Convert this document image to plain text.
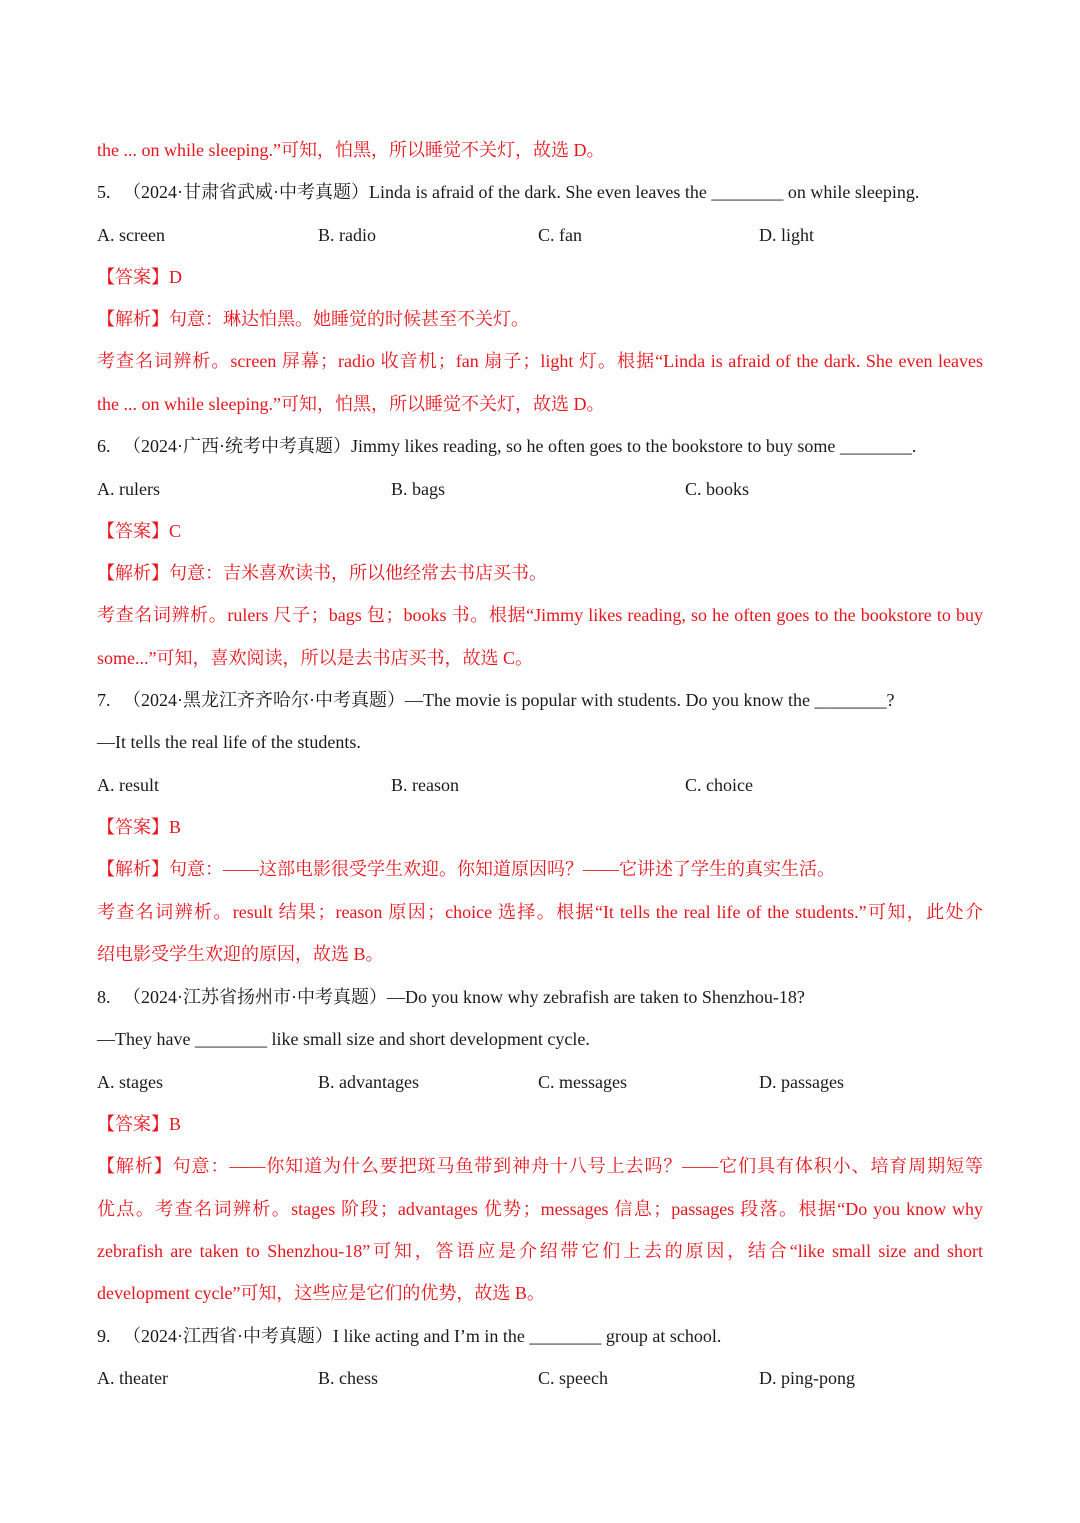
the ... on while sleeping.”可知，怕黑，所以睡觉不关灯，故选 D。
5. （2024·甘肃省武威·中考真题）Linda is afraid of the dark. She even leaves the ________ on while sleeping.
A. screen	B. radio	C. fan	D. light
【答案】D
【解析】句意：琳达怕黑。她睡觉的时候甚至不关灯。
考查名词辨析。screen 屏幕；radio 收音机；fan 扇子；light 灯。根据“Linda is afraid of the dark. She even leaves
the ... on while sleeping.”可知，怕黑，所以睡觉不关灯，故选 D。
6. （2024·广西·统考中考真题）Jimmy likes reading, so he often goes to the bookstore to buy some ________.
A. rulers	B. bags	C. books
【答案】C
【解析】句意：吉米喜欢读书，所以他经常去书店买书。
考查名词辨析。rulers 尺子；bags 包；books 书。根据“Jimmy likes reading, so he often goes to the bookstore to buy
some...”可知，喜欢阅读，所以是去书店买书，故选 C。
7. （2024·黑龙江齐齐哈尔·中考真题）—The movie is popular with students. Do you know the ________?
—It tells the real life of the students.
A. result	B. reason	C. choice
【答案】B
【解析】句意：——这部电影很受学生欢迎。你知道原因吗？——它讲述了学生的真实生活。
考查名词辨析。result 结果；reason 原因；choice 选择。根据“It tells the real life of the students.”可知，此处介
绍电影受学生欢迎的原因，故选 B。
8. （2024·江苏省扬州市·中考真题）—Do you know why zebrafish are taken to Shenzhou-18?
—They have ________ like small size and short development cycle.
A. stages	B. advantages	C. messages	D. passages
【答案】B
【解析】句意：——你知道为什么要把斑马鱼带到神舟十八号上去吗？——它们具有体积小、培育周期短等
优点。考查名词辨析。stages 阶段；advantages 优势；messages 信息；passages 段落。根据“Do you know why
zebrafish are taken to Shenzhou-18”可知，答语应是介绍带它们上去的原因，结合“like small size and short
development cycle”可知，这些应是它们的优势，故选 B。
9. （2024·江西省·中考真题）I like acting and I’m in the ________ group at school.
A. theater	B. chess	C. speech	D. ping-pong
